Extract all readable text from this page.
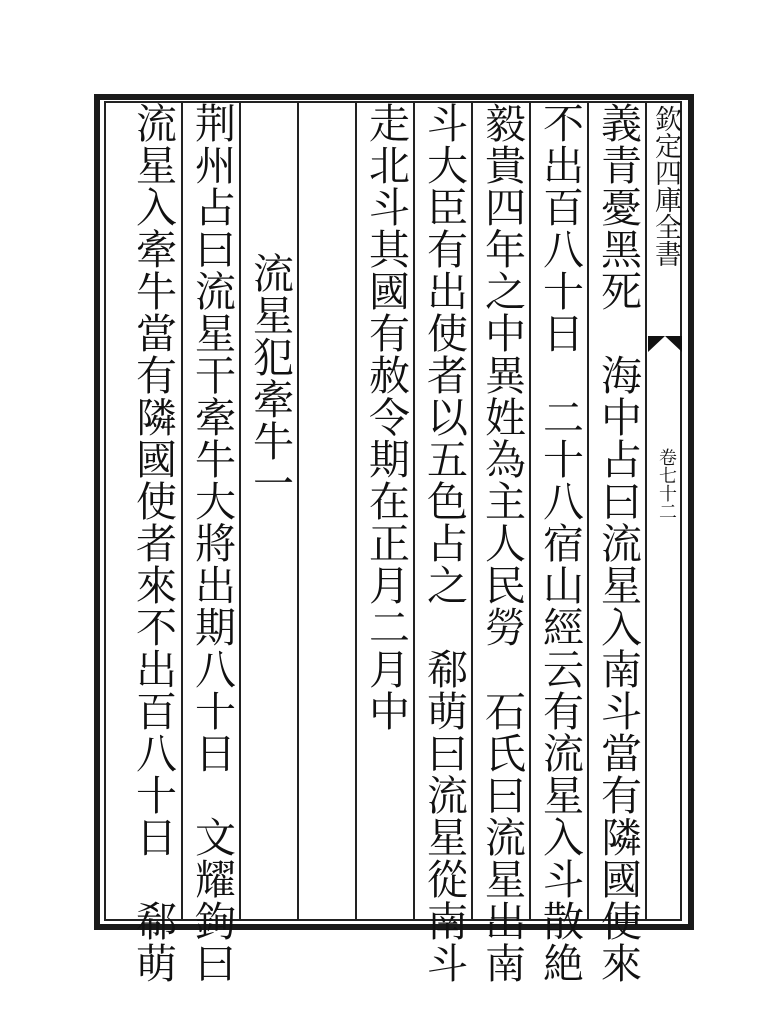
欽定四庫全書
卷七十二
義青憂黑死　海中占曰流星入南斗當有隣國使來
不出百八十日　二十八宿山經云有流星入斗散絶
毅貴四年之中異姓為主人民勞　石氏曰流星出南
斗大臣有出使者以五色占之　郗萌曰流星從南斗
走北斗其國有赦令期在正月二月中
　流星犯牽牛一
荆州占曰流星干牽牛大將出期八十日　文耀鉤曰
流星入牽牛當有隣國使者來不出百八十日　郗萌
